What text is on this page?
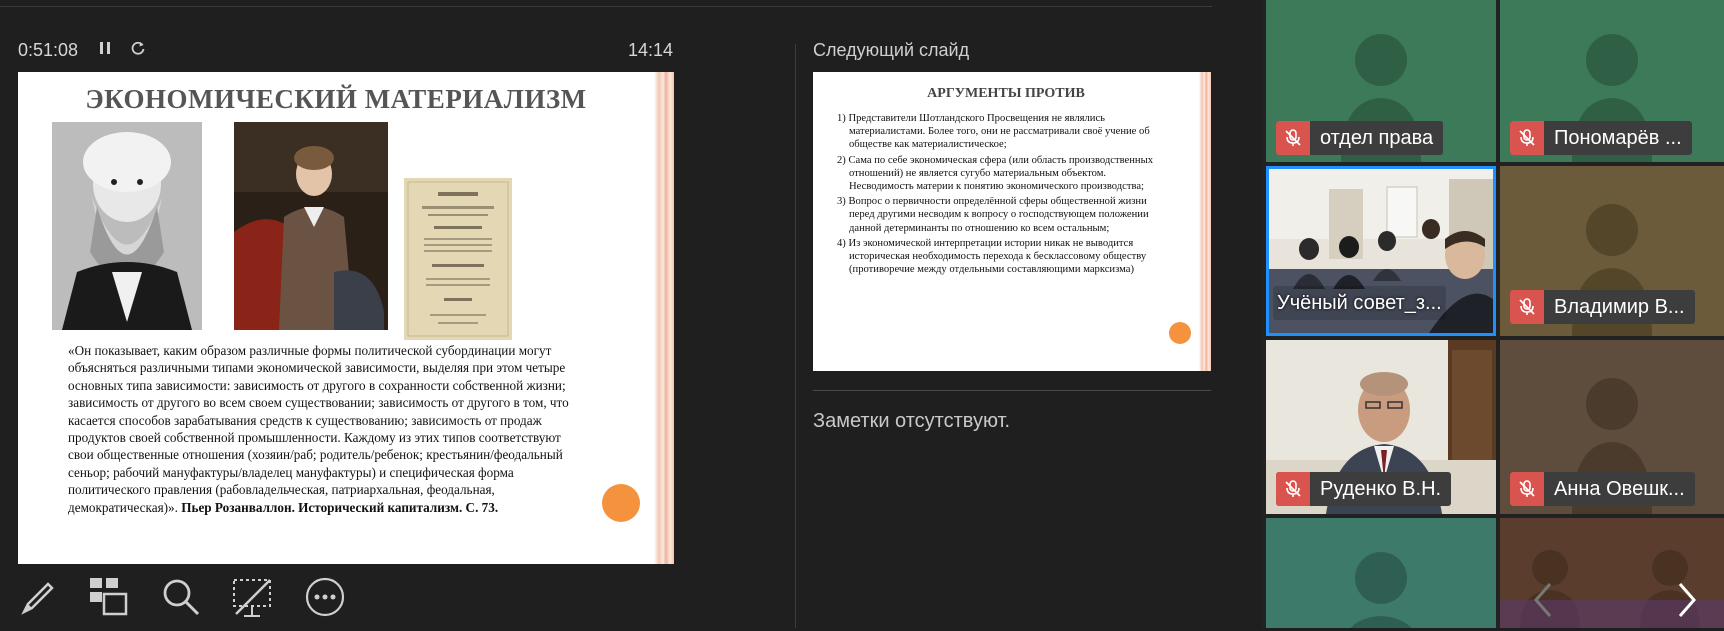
0:51:08	14:14
ЭКОНОМИЧЕСКИЙ МАТЕРИАЛИЗМ
«Он показывает, каким образом различные формы политической субординации могут объясняться различными типами экономической зависимости, выделяя при этом четыре основных типа зависимости: зависимость от другого в сохранности собственной жизни; зависимость от другого во всем своем существовании; зависимость от другого в том, что касается способов зарабатывания средств к существованию; зависимость от продаж продуктов своей собственной промышленности. Каждому из этих типов соответствуют свои общественные отношения (хозяин/раб; родитель/ребенок; крестьянин/феодальный сеньор; рабочий мануфактуры/владелец мануфактуры) и специфическая форма политического правления (рабовладельческая, патриархальная, феодальная, демократическая)». Пьер Розанваллон. Исторический капитализм. С. 73.
Следующий слайд
АРГУМЕНТЫ ПРОТИВ
1) Представители Шотландского Просвещения не являлись материалистами. Более того, они не рассматривали своё учение об обществе как материалистическое;
2) Сама по себе экономическая сфера (или область производственных отношений) не является сугубо материальным объектом. Несводимость материи к понятию экономического производства;
3) Вопрос о первичности определённой сферы общественной жизни перед другими несводим к вопросу о господствующем положении данной детерминанты по отношению ко всем остальным;
4) Из экономической интерпретации истории никак не выводится историческая необходимость перехода к бесклассовому обществу (противоречие между отдельными составляющими марксизма)
Заметки отсутствуют.
отдел права	Пономарёв ...
Учёный совет_з...	Владимир В...
Руденко В.Н.	Анна Овешк...
